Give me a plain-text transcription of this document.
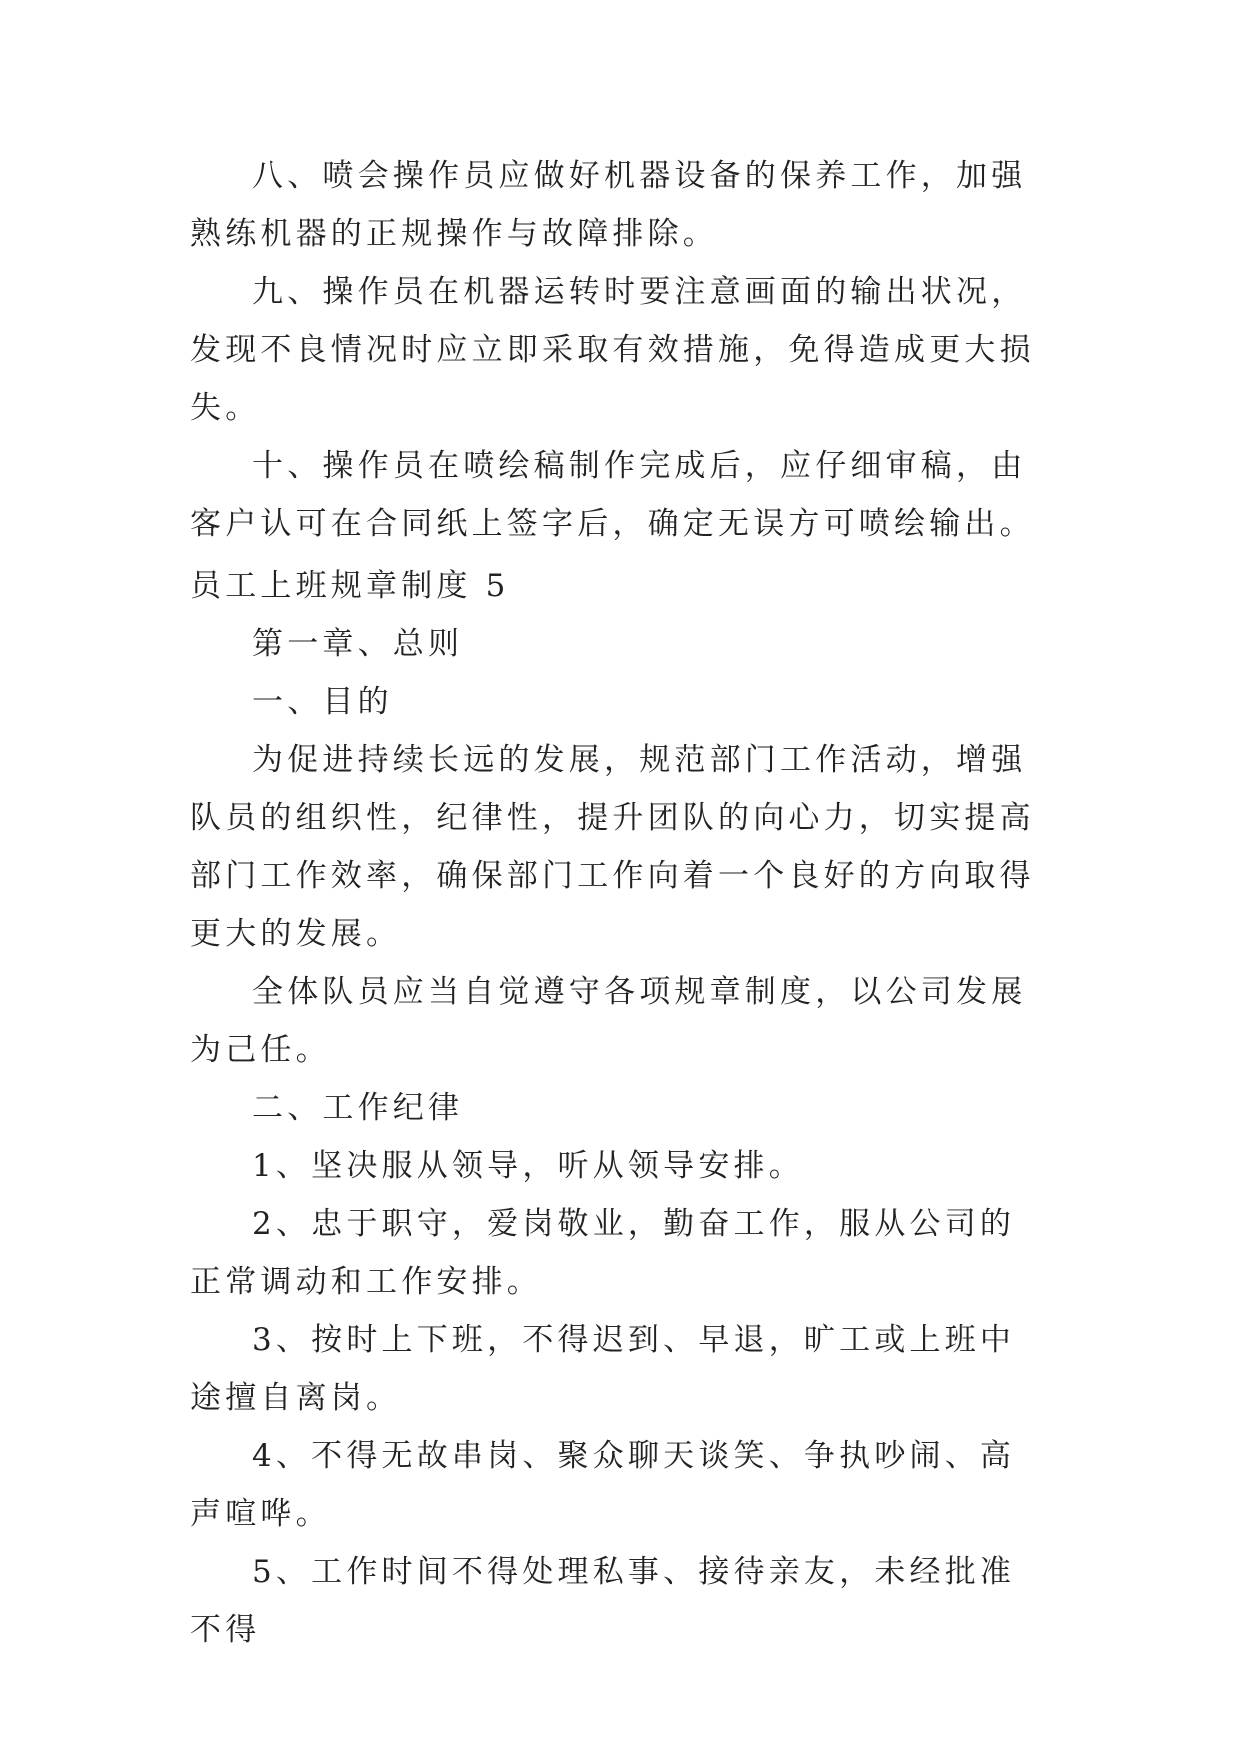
八、喷会操作员应做好机器设备的保养工作，加强熟练机器的正规操作与故障排除。

九、操作员在机器运转时要注意画面的输出状况，发现不良情况时应立即采取有效措施，免得造成更大损失。

十、操作员在喷绘稿制作完成后，应仔细审稿，由客户认可在合同纸上签字后，确定无误方可喷绘输出。

员工上班规章制度 5

第一章、总则

一、目的

为促进持续长远的发展，规范部门工作活动，增强队员的组织性，纪律性，提升团队的向心力，切实提高部门工作效率，确保部门工作向着一个良好的方向取得更大的发展。

全体队员应当自觉遵守各项规章制度，以公司发展为己任。

二、工作纪律

1、坚决服从领导，听从领导安排。

2、忠于职守，爱岗敬业，勤奋工作，服从公司的正常调动和工作安排。

3、按时上下班，不得迟到、早退，旷工或上班中途擅自离岗。

4、不得无故串岗、聚众聊天谈笑、争执吵闹、高声喧哗。

5、工作时间不得处理私事、接待亲友，未经批准不得
